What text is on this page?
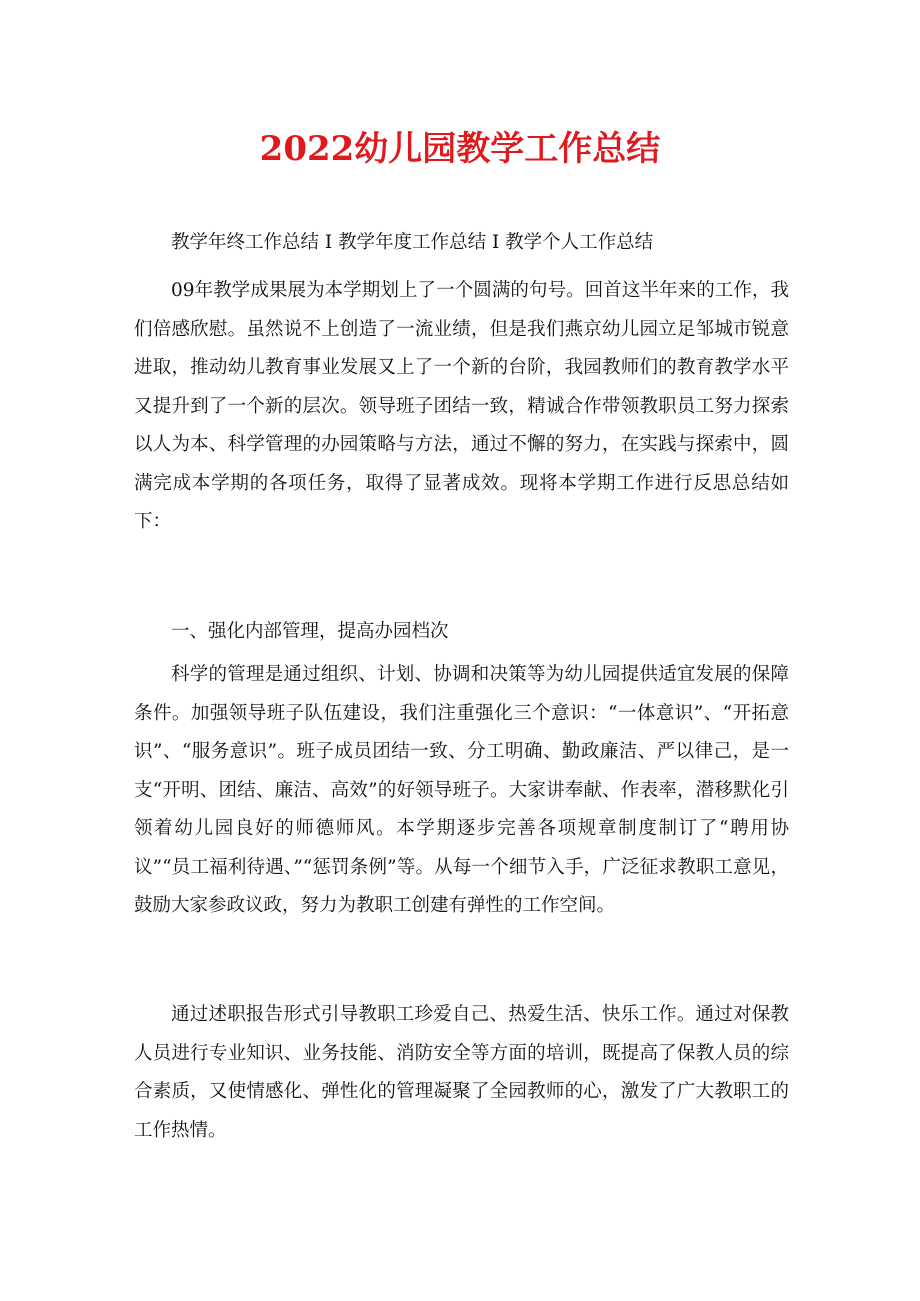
2022幼儿园教学工作总结

教学年终工作总结 I 教学年度工作总结 I 教学个人工作总结

09年教学成果展为本学期划上了一个圆满的句号。回首这半年来的工作，我们倍感欣慰。虽然说不上创造了一流业绩，但是我们燕京幼儿园立足邹城市锐意进取，推动幼儿教育事业发展又上了一个新的台阶，我园教师们的教育教学水平又提升到了一个新的层次。领导班子团结一致，精诚合作带领教职员工努力探索以人为本、科学管理的办园策略与方法，通过不懈的努力，在实践与探索中，圆满完成本学期的各项任务，取得了显著成效。现将本学期工作进行反思总结如下：

一、强化内部管理，提高办园档次

科学的管理是通过组织、计划、协调和决策等为幼儿园提供适宜发展的保障条件。加强领导班子队伍建设，我们注重强化三个意识：“一体意识”、“开拓意识”、“服务意识”。班子成员团结一致、分工明确、勤政廉洁、严以律己，是一支“开明、团结、廉洁、高效”的好领导班子。大家讲奉献、作表率，潜移默化引领着幼儿园良好的师德师风。本学期逐步完善各项规章制度制订了“聘用协议”“员工福利待遇、”“惩罚条例”等。从每一个细节入手，广泛征求教职工意见，鼓励大家参政议政，努力为教职工创建有弹性的工作空间。

通过述职报告形式引导教职工珍爱自己、热爱生活、快乐工作。通过对保教人员进行专业知识、业务技能、消防安全等方面的培训，既提高了保教人员的综合素质，又使情感化、弹性化的管理凝聚了全园教师的心，激发了广大教职工的工作热情。
